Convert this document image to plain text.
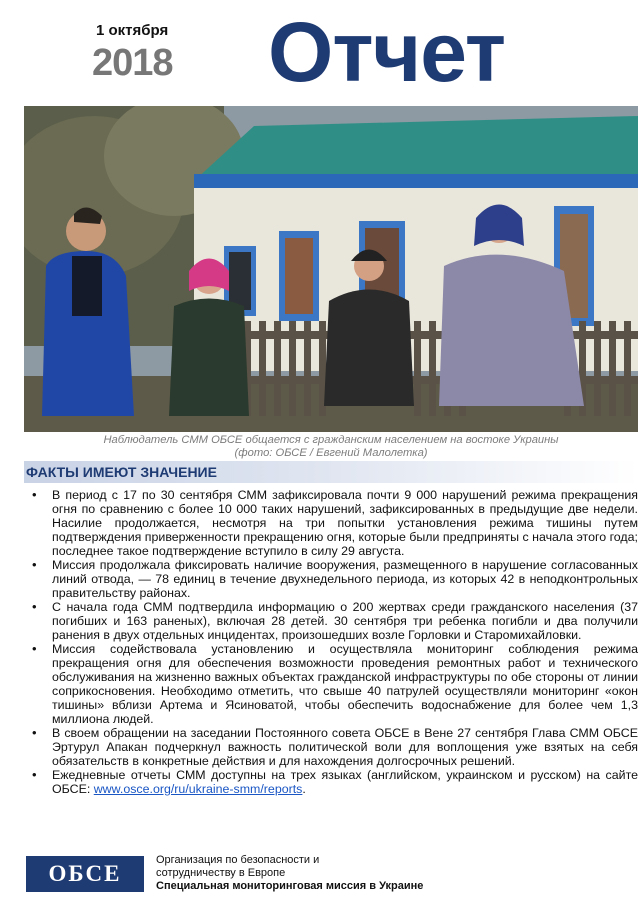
1 октября
2018 Отчет
Наблюдатель СММ ОБСЕ общается с гражданским населением на востоке Украины
(фото: ОБСЕ / Евгений Малолетка)
ФАКТЫ ИМЕЮТ ЗНАЧЕНИЕ
• В период с 17 по 30 сентября СММ зафиксировала почти 9 000 нарушений режима прекращения огня по сравнению с более 10 000 таких нарушений, зафиксированных в предыдущие две недели. Насилие продолжается, несмотря на три попытки установления режима тишины путем подтверждения приверженности прекращению огня, которые были предприняты с начала этого года; последнее такое подтверждение вступило в силу 29 августа.
• Миссия продолжала фиксировать наличие вооружения, размещенного в нарушение согласованных линий отвода, — 78 единиц в течение двухнедельного периода, из которых 42 в неподконтрольных правительству районах.
• С начала года СММ подтвердила информацию о 200 жертвах среди гражданского населения (37 погибших и 163 раненых), включая 28 детей. 30 сентября три ребенка погибли и два получили ранения в двух отдельных инцидентах, произошедших возле Горловки и Старомихайловки.
• Миссия содействовала установлению и осуществляла мониторинг соблюдения режима прекращения огня для обеспечения возможности проведения ремонтных работ и технического обслуживания на жизненно важных объектах гражданской инфраструктуры по обе стороны от линии соприкосновения. Необходимо отметить, что свыше 40 патрулей осуществляли мониторинг «окон тишины» вблизи Артема и Ясиноватой, чтобы обеспечить водоснабжение для более чем 1,3 миллиона людей.
• В своем обращении на заседании Постоянного совета ОБСЕ в Вене 27 сентября Глава СММ ОБСЕ Эртурул Апакан подчеркнул важность политической воли для воплощения уже взятых на себя обязательств в конкретные действия и для нахождения долгосрочных решений.
• Ежедневные отчеты СММ доступны на трех языках (английском, украинском и русском) на сайте ОБСЕ: www.osce.org/ru/ukraine-smm/reports.
ОБСЕ
Организация по безопасности и
сотрудничеству в Европе
Специальная мониторинговая миссия в Украине
